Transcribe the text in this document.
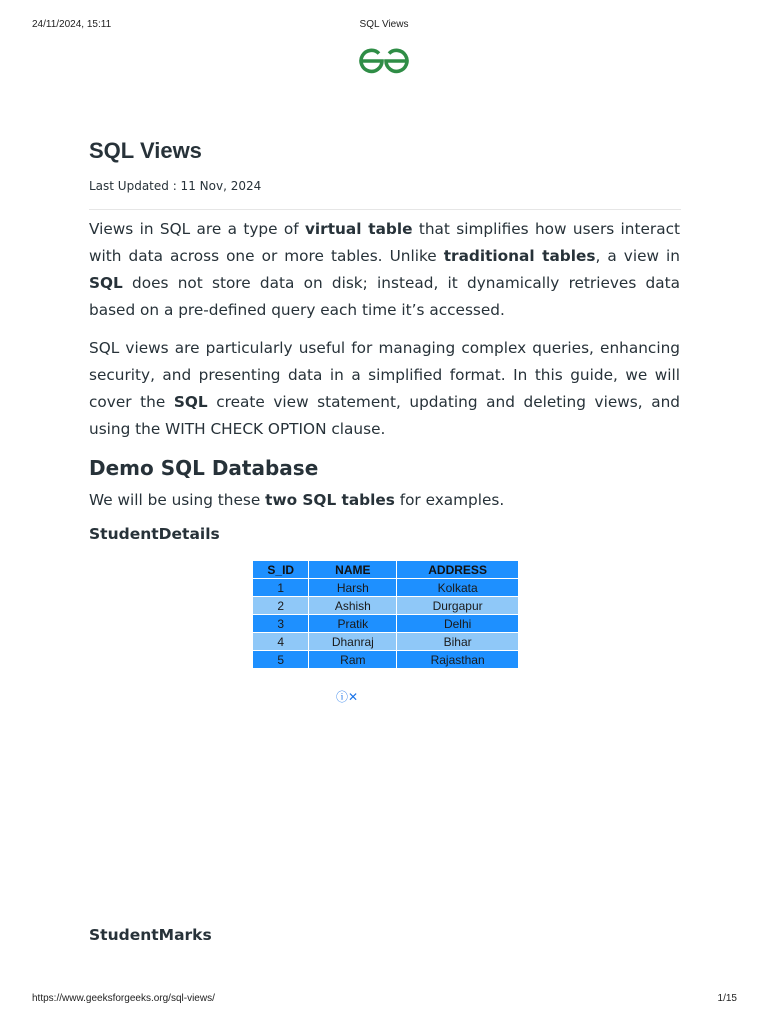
24/11/2024, 15:11	SQL Views
SQL Views
Last Updated : 11 Nov, 2024

Views in SQL are a type of virtual table that simplifies how users interact with data across one or more tables. Unlike traditional tables, a view in SQL does not store data on disk; instead, it dynamically retrieves data based on a pre-defined query each time it’s accessed.

SQL views are particularly useful for managing complex queries, enhancing security, and presenting data in a simplified format. In this guide, we will cover the SQL create view statement, updating and deleting views, and using the WITH CHECK OPTION clause.

Demo SQL Database
We will be using these two SQL tables for examples.
StudentDetails
S_ID	NAME	ADDRESS
1	Harsh	Kolkata
2	Ashish	Durgapur
3	Pratik	Delhi
4	Dhanraj	Bihar
5	Ram	Rajasthan
ⓘ✕
StudentMarks
https://www.geeksforgeeks.org/sql-views/	1/15
